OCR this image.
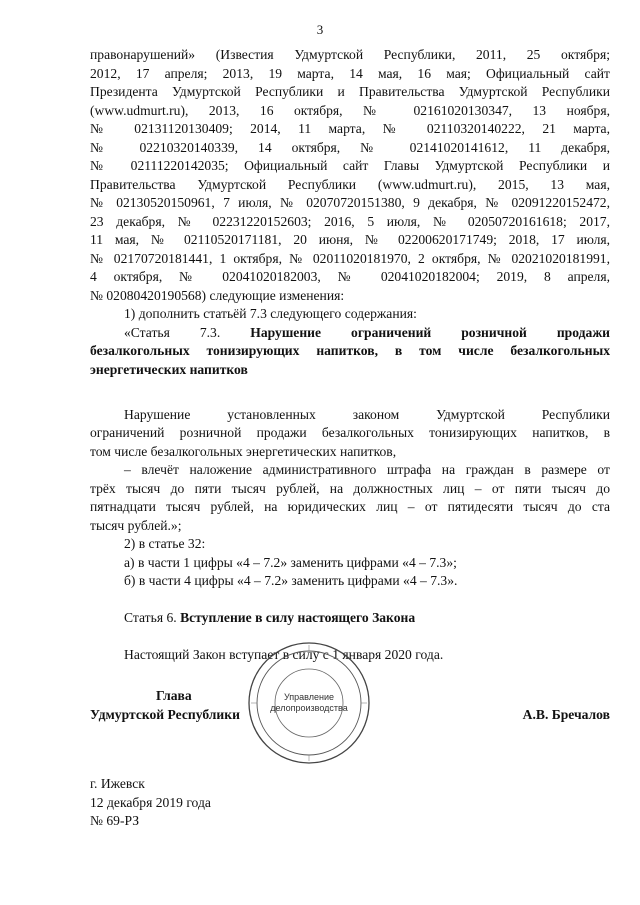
3

правонарушений» (Известия Удмуртской Республики, 2011, 25 октября;

2012, 17 апреля; 2013, 19 марта, 14 мая, 16 мая; Официальный сайт

Президента Удмуртской Республики и Правительства Удмуртской Республики

(www.udmurt.ru), 2013, 16 октября, № 02161020130347, 13 ноября,

№ 02131120130409; 2014, 11 марта, № 02110320140222, 21 марта,

№ 02210320140339, 14 октября, № 02141020141612, 11 декабря,

№ 02111220142035; Официальный сайт Главы Удмуртской Республики и

Правительства Удмуртской Республики (www.udmurt.ru), 2015, 13 мая,

№ 02130520150961, 7 июля, № 02070720151380, 9 декабря, № 02091220152472,

23 декабря, № 02231220152603; 2016, 5 июля, № 02050720161618; 2017,

11 мая, № 02110520171181, 20 июня, № 02200620171749; 2018, 17 июля,

№ 02170720181441, 1 октября, № 02011020181970, 2 октября, № 02021020181991,

4 октября, № 02041020182003, № 02041020182004; 2019, 8 апреля,

№ 02080420190568) следующие изменения:

1) дополнить статьёй 7.3 следующего содержания:

«Статья 7.3. Нарушение ограничений розничной продажи

безалкогольных тонизирующих напитков, в том числе безалкогольных

энергетических напитков

Нарушение установленных законом Удмуртской Республики

ограничений розничной продажи безалкогольных тонизирующих напитков, в

том числе безалкогольных энергетических напитков,

– влечёт наложение административного штрафа на граждан в размере от

трёх тысяч до пяти тысяч рублей, на должностных лиц – от пяти тысяч до

пятнадцати тысяч рублей, на юридических лиц – от пятидесяти тысяч до ста

тысяч рублей.»;

2) в статье 32:

а) в части 1 цифры «4 – 7.2» заменить цифрами «4 – 7.3»;

б) в части 4 цифры «4 – 7.2» заменить цифрами «4 – 7.3».

Статья 6. Вступление в силу настоящего Закона

Настоящий Закон вступает в силу с 1 января 2020 года.

Управление
делопроизводства
Глава
Удмуртской Республики	А.В. Бречалов

г. Ижевск

12 декабря 2019 года

№ 69-РЗ
